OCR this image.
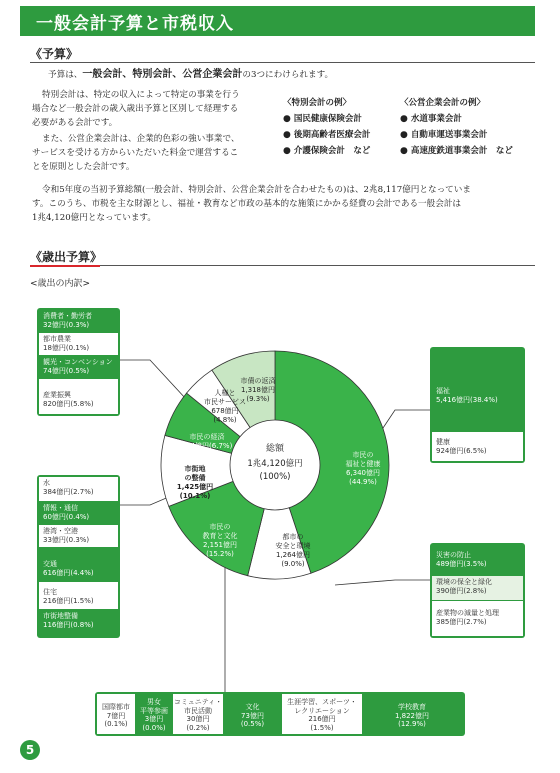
一般会計予算と市税収入
《予算》
予算は、一般会計、特別会計、公営企業会計の3つにわけられます。
特別会計は、特定の収入によって特定の事業を行う
場合など一般会計の歳入歳出予算と区別して経理する
必要がある会計です。
また、公営企業会計は、企業的色彩の強い事業で、
サービスを受ける方からいただいた料金で運営するこ
とを原則とした会計です。
〈特別会計の例〉
● 国民健康保険会計
● 後期高齢者医療会計
● 介護保険会計　など
〈公営企業会計の例〉
● 水道事業会計
● 自動車運送事業会計
● 高速度鉄道事業会計　など
令和5年度の当初予算総額(一般会計、特別会計、公営企業会計を合わせたもの)は、2兆8,117億円となっていま
す。このうち、市税を主な財源とし、福祉・教育など市政の基本的な施策にかかる経費の会計である一般会計は
1兆4,120億円となっています。
《歳出予算》
<歳出の内訳>
総額
1兆4,120億円
(100%)
市民の
福祉と健康
6,340億円
(44.9%)
都市の
安全と環境
1,264億円
(9.0%)
市民の
教育と文化
2,151億円
(15.2%)
市街地
の整備
1,425億円
(10.1%)
市民の経済
944億円(6.7%)
人権と
市民サービス
678億円
(4.8%)
市債の返済
1,318億円
(9.3%)
消費者・勤労者
32億円(0.3%)
都市農業
18億円(0.1%)
観光・コンベンション
74億円(0.5%)
産業振興
820億円(5.8%)
水
384億円(2.7%)
情報・通信
60億円(0.4%)
港湾・空港
33億円(0.3%)
交通
616億円(4.4%)
住宅
216億円(1.5%)
市街地整備
116億円(0.8%)
福祉
5,416億円(38.4%)
健康
924億円(6.5%)
災害の防止
489億円(3.5%)
環境の保全と緑化
390億円(2.8%)
産業物の減量と処理
385億円(2.7%)
国際都市
7億円
(0.1%)
男女
平等参画
3億円
(0.0%)
コミュニティ・
市民活動
30億円
(0.2%)
文化
73億円
(0.5%)
生涯学習、スポーツ・
レクリエーション
216億円
(1.5%)
学校教育
1,822億円
(12.9%)
5
